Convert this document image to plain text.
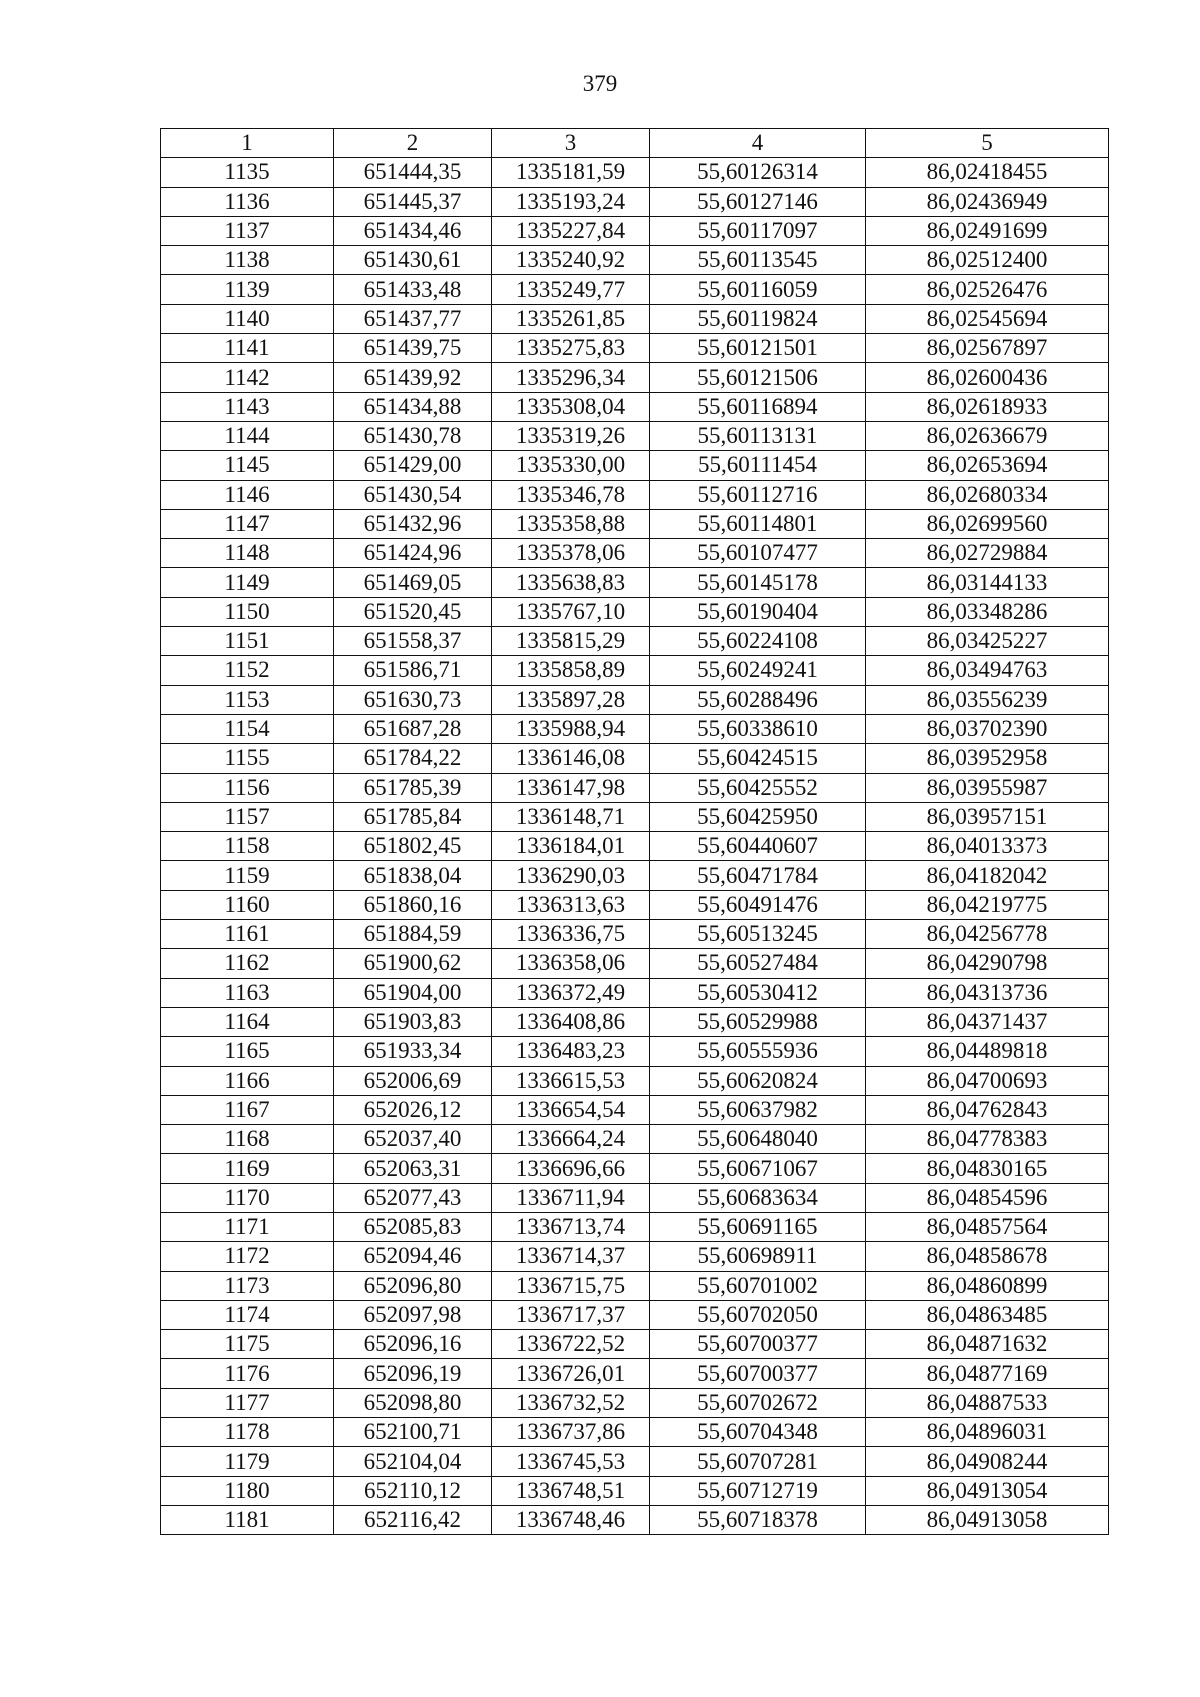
379
1	2	3	4	5
1135	651444,35	1335181,59	55,60126314	86,02418455
1136	651445,37	1335193,24	55,60127146	86,02436949
1137	651434,46	1335227,84	55,60117097	86,02491699
1138	651430,61	1335240,92	55,60113545	86,02512400
1139	651433,48	1335249,77	55,60116059	86,02526476
1140	651437,77	1335261,85	55,60119824	86,02545694
1141	651439,75	1335275,83	55,60121501	86,02567897
1142	651439,92	1335296,34	55,60121506	86,02600436
1143	651434,88	1335308,04	55,60116894	86,02618933
1144	651430,78	1335319,26	55,60113131	86,02636679
1145	651429,00	1335330,00	55,60111454	86,02653694
1146	651430,54	1335346,78	55,60112716	86,02680334
1147	651432,96	1335358,88	55,60114801	86,02699560
1148	651424,96	1335378,06	55,60107477	86,02729884
1149	651469,05	1335638,83	55,60145178	86,03144133
1150	651520,45	1335767,10	55,60190404	86,03348286
1151	651558,37	1335815,29	55,60224108	86,03425227
1152	651586,71	1335858,89	55,60249241	86,03494763
1153	651630,73	1335897,28	55,60288496	86,03556239
1154	651687,28	1335988,94	55,60338610	86,03702390
1155	651784,22	1336146,08	55,60424515	86,03952958
1156	651785,39	1336147,98	55,60425552	86,03955987
1157	651785,84	1336148,71	55,60425950	86,03957151
1158	651802,45	1336184,01	55,60440607	86,04013373
1159	651838,04	1336290,03	55,60471784	86,04182042
1160	651860,16	1336313,63	55,60491476	86,04219775
1161	651884,59	1336336,75	55,60513245	86,04256778
1162	651900,62	1336358,06	55,60527484	86,04290798
1163	651904,00	1336372,49	55,60530412	86,04313736
1164	651903,83	1336408,86	55,60529988	86,04371437
1165	651933,34	1336483,23	55,60555936	86,04489818
1166	652006,69	1336615,53	55,60620824	86,04700693
1167	652026,12	1336654,54	55,60637982	86,04762843
1168	652037,40	1336664,24	55,60648040	86,04778383
1169	652063,31	1336696,66	55,60671067	86,04830165
1170	652077,43	1336711,94	55,60683634	86,04854596
1171	652085,83	1336713,74	55,60691165	86,04857564
1172	652094,46	1336714,37	55,60698911	86,04858678
1173	652096,80	1336715,75	55,60701002	86,04860899
1174	652097,98	1336717,37	55,60702050	86,04863485
1175	652096,16	1336722,52	55,60700377	86,04871632
1176	652096,19	1336726,01	55,60700377	86,04877169
1177	652098,80	1336732,52	55,60702672	86,04887533
1178	652100,71	1336737,86	55,60704348	86,04896031
1179	652104,04	1336745,53	55,60707281	86,04908244
1180	652110,12	1336748,51	55,60712719	86,04913054
1181	652116,42	1336748,46	55,60718378	86,04913058
